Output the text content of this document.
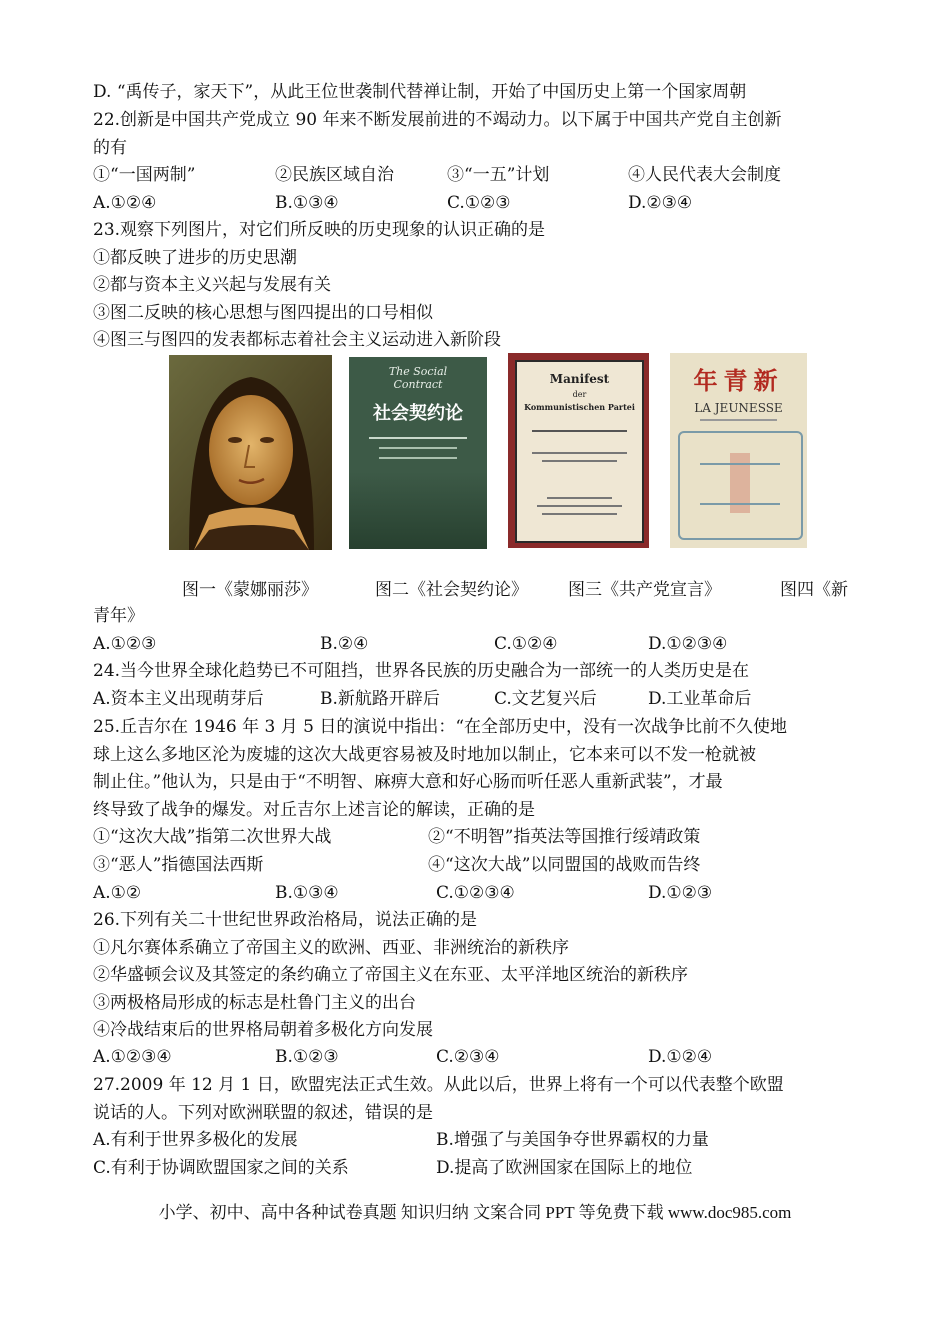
D. “禹传子，家天下”，从此王位世袭制代替禅让制，开始了中国历史上第一个国家周朝
22.创新是中国共产党成立 90 年来不断发展前进的不竭动力。以下属于中国共产党自主创新
的有
①“一国两制”	②民族区域自治	③“一五”计划	④人民代表大会制度
A.①②④	B.①③④	C.①②③	D.②③④
23.观察下列图片，对它们所反映的历史现象的认识正确的是
①都反映了进步的历史思潮
②都与资本主义兴起与发展有关
③图二反映的核心思想与图四提出的口号相似
④图三与图四的发表都标志着社会主义运动进入新阶段
The Social
Contract
社会契约论
Manifest
der
Kommunistischen Partei
年青新
LA JEUNESSE
图一《蒙娜丽莎》	图二《社会契约论》 图三《共产党宣言》	图四《新
青年》
A.①②③	B.②④	C.①②④	D.①②③④
24.当今世界全球化趋势已不可阻挡，世界各民族的历史融合为一部统一的人类历史是在
A.资本主义出现萌芽后	B.新航路开辟后	C.文艺复兴后	D.工业革命后
25.丘吉尔在 1946 年 3 月 5 日的演说中指出：“在全部历史中，没有一次战争比前不久使地
球上这么多地区沦为废墟的这次大战更容易被及时地加以制止，它本来可以不发一枪就被
制止住。”他认为，只是由于“不明智、麻痹大意和好心肠而听任恶人重新武装”，才最
终导致了战争的爆发。对丘吉尔上述言论的解读，正确的是
①“这次大战”指第二次世界大战	②“不明智”指英法等国推行绥靖政策
③“恶人”指德国法西斯	④“这次大战”以同盟国的战败而告终
A.①②	B.①③④	C.①②③④	D.①②③
26.下列有关二十世纪世界政治格局，说法正确的是
①凡尔赛体系确立了帝国主义的欧洲、西亚、非洲统治的新秩序
②华盛顿会议及其签定的条约确立了帝国主义在东亚、太平洋地区统治的新秩序
③两极格局形成的标志是杜鲁门主义的出台
④冷战结束后的世界格局朝着多极化方向发展
A.①②③④	B.①②③	C.②③④	D.①②④
27.2009 年 12 月 1 日，欧盟宪法正式生效。从此以后，世界上将有一个可以代表整个欧盟
说话的人。下列对欧洲联盟的叙述，错误的是
A.有利于世界多极化的发展	B.增强了与美国争夺世界霸权的力量
C.有利于协调欧盟国家之间的关系	D.提高了欧洲国家在国际上的地位
小学、初中、高中各种试卷真题 知识归纳 文案合同 PPT 等免费下载 www.doc985.com
